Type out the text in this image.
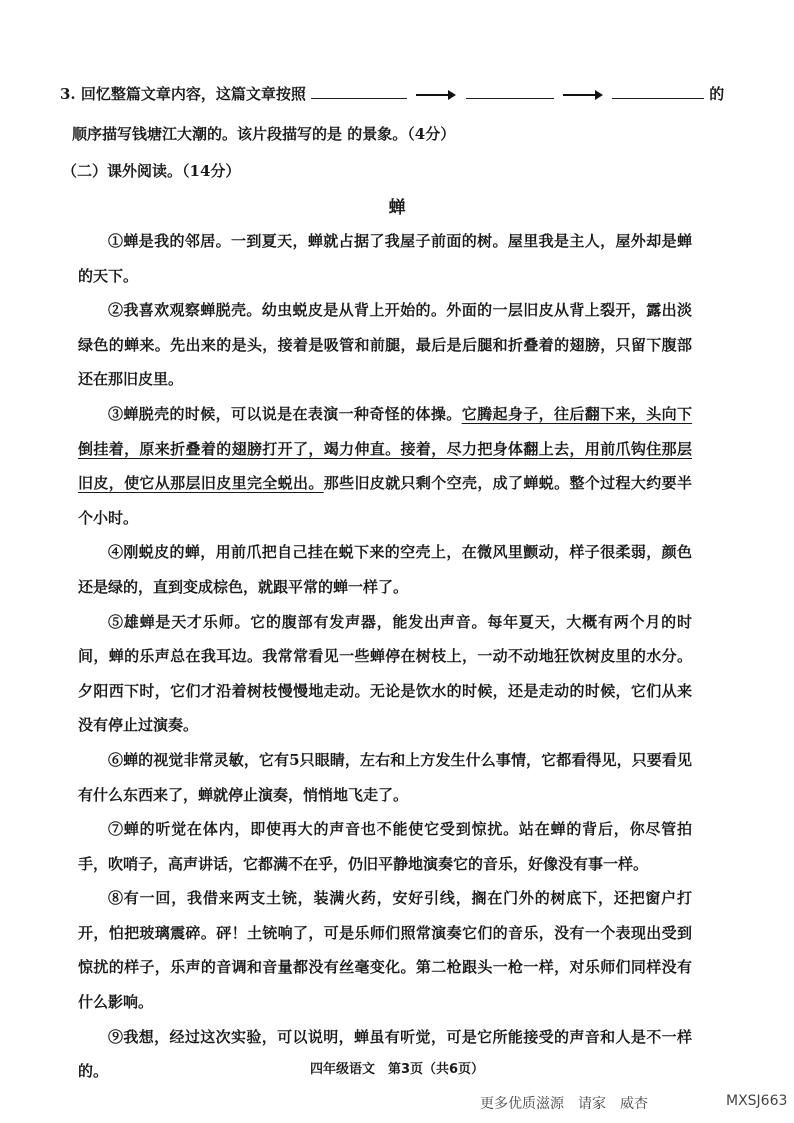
3. 回忆整篇文章内容，这篇文章按照	的
顺序描写钱塘江大潮的。该片段描写的是 的景象。（4分）
（二）课外阅读。（14分）
蝉

①蝉是我的邻居。一到夏天，蝉就占据了我屋子前面的树。屋里我是主人，屋外却是蝉的天下。

②我喜欢观察蝉脱壳。幼虫蜕皮是从背上开始的。外面的一层旧皮从背上裂开，露出淡绿色的蝉来。先出来的是头，接着是吸管和前腿，最后是后腿和折叠着的翅膀，只留下腹部还在那旧皮里。

③蝉脱壳的时候，可以说是在表演一种奇怪的体操。它腾起身子，往后翻下来，头向下倒挂着，原来折叠着的翅膀打开了，竭力伸直。接着，尽力把身体翻上去，用前爪钩住那层旧皮，使它从那层旧皮里完全蜕出。那些旧皮就只剩个空壳，成了蝉蜕。整个过程大约要半个小时。

④刚蜕皮的蝉，用前爪把自己挂在蜕下来的空壳上，在微风里颤动，样子很柔弱，颜色还是绿的，直到变成棕色，就跟平常的蝉一样了。

⑤雄蝉是天才乐师。它的腹部有发声器，能发出声音。每年夏天，大概有两个月的时间，蝉的乐声总在我耳边。我常常看见一些蝉停在树枝上，一动不动地狂饮树皮里的水分。夕阳西下时，它们才沿着树枝慢慢地走动。无论是饮水的时候，还是走动的时候，它们从来没有停止过演奏。

⑥蝉的视觉非常灵敏，它有5只眼睛，左右和上方发生什么事情，它都看得见，只要看见有什么东西来了，蝉就停止演奏，悄悄地飞走了。

⑦蝉的听觉在体内，即使再大的声音也不能使它受到惊扰。站在蝉的背后，你尽管拍手，吹哨子，高声讲话，它都满不在乎，仍旧平静地演奏它的音乐，好像没有事一样。

⑧有一回，我借来两支土铳，装满火药，安好引线，搁在门外的树底下，还把窗户打开，怕把玻璃震碎。砰！土铳响了，可是乐师们照常演奏它们的音乐，没有一个表现出受到惊扰的样子，乐声的音调和音量都没有丝毫变化。第二枪跟头一枪一样，对乐师们同样没有什么影响。

⑨我想，经过这次实验，可以说明，蝉虽有听觉，可是它所能接受的声音和人是不一样的。	四年级语文　第3页（共6页）
更多优质滋源　请家　威杏	MXSJ663
